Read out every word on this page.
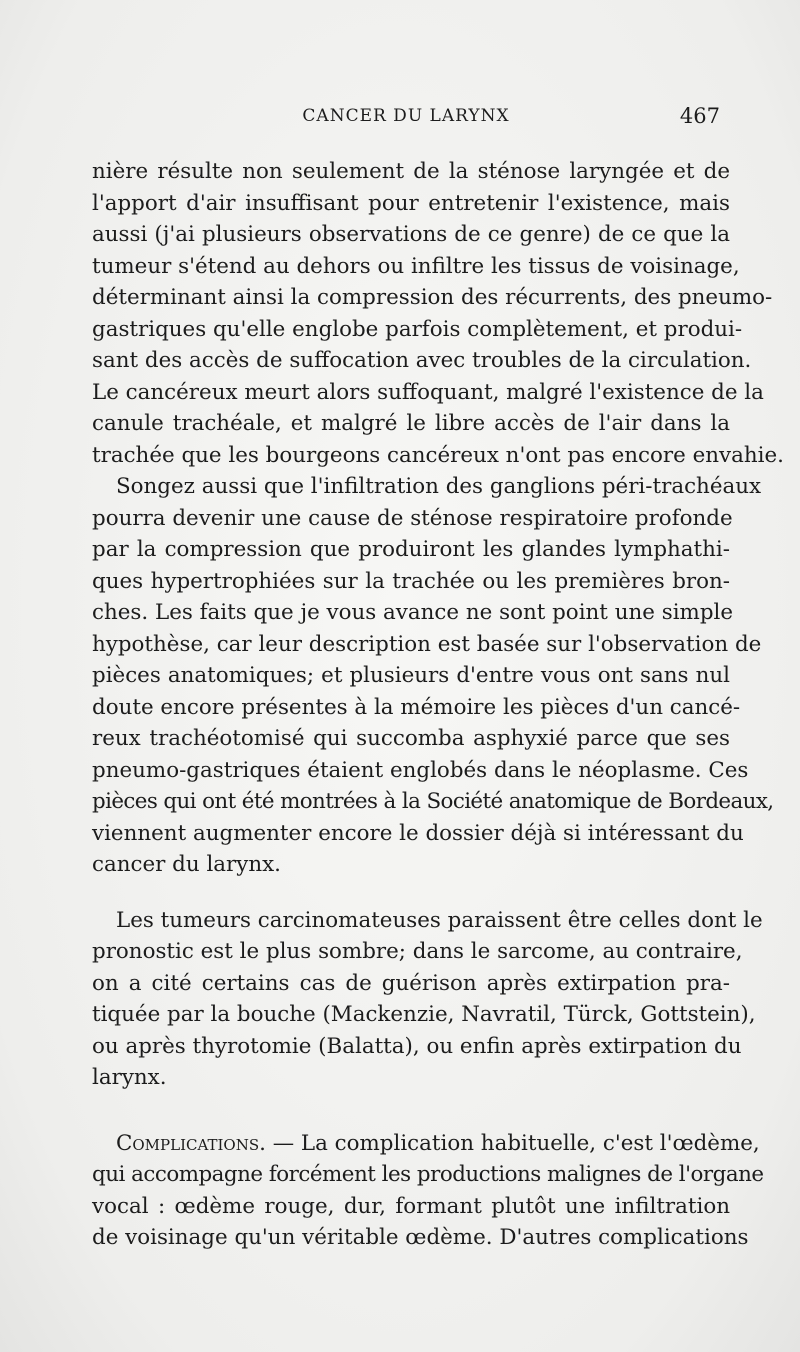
CANCER DU LARYNX	467

nière résulte non seulement de la sténose laryngée et de
l'apport d'air insuffisant pour entretenir l'existence, mais
aussi (j'ai plusieurs observations de ce genre) de ce que la
tumeur s'étend au dehors ou infiltre les tissus de voisinage,
déterminant ainsi la compression des récurrents, des pneumo-
gastriques qu'elle englobe parfois complètement, et produi-
sant des accès de suffocation avec troubles de la circulation.
Le cancéreux meurt alors suffoquant, malgré l'existence de la
canule trachéale, et malgré le libre accès de l'air dans la
trachée que les bourgeons cancéreux n'ont pas encore envahie.

Songez aussi que l'infiltration des ganglions péri-trachéaux
pourra devenir une cause de sténose respiratoire profonde
par la compression que produiront les glandes lymphathi-
ques hypertrophiées sur la trachée ou les premières bron-
ches. Les faits que je vous avance ne sont point une simple
hypothèse, car leur description est basée sur l'observation de
pièces anatomiques; et plusieurs d'entre vous ont sans nul
doute encore présentes à la mémoire les pièces d'un cancé-
reux trachéotomisé qui succomba asphyxié parce que ses
pneumo-gastriques étaient englobés dans le néoplasme. Ces
pièces qui ont été montrées à la Société anatomique de Bordeaux,
viennent augmenter encore le dossier déjà si intéressant du
cancer du larynx.

Les tumeurs carcinomateuses paraissent être celles dont le
pronostic est le plus sombre; dans le sarcome, au contraire,
on a cité certains cas de guérison après extirpation pra-
tiquée par la bouche (Mackenzie, Navratil, Türck, Gottstein),
ou après thyrotomie (Balatta), ou enfin après extirpation du
larynx.

Complications. — La complication habituelle, c'est l'œdème,
qui accompagne forcément les productions malignes de l'organe
vocal : œdème rouge, dur, formant plutôt une infiltration
de voisinage qu'un véritable œdème. D'autres complications
